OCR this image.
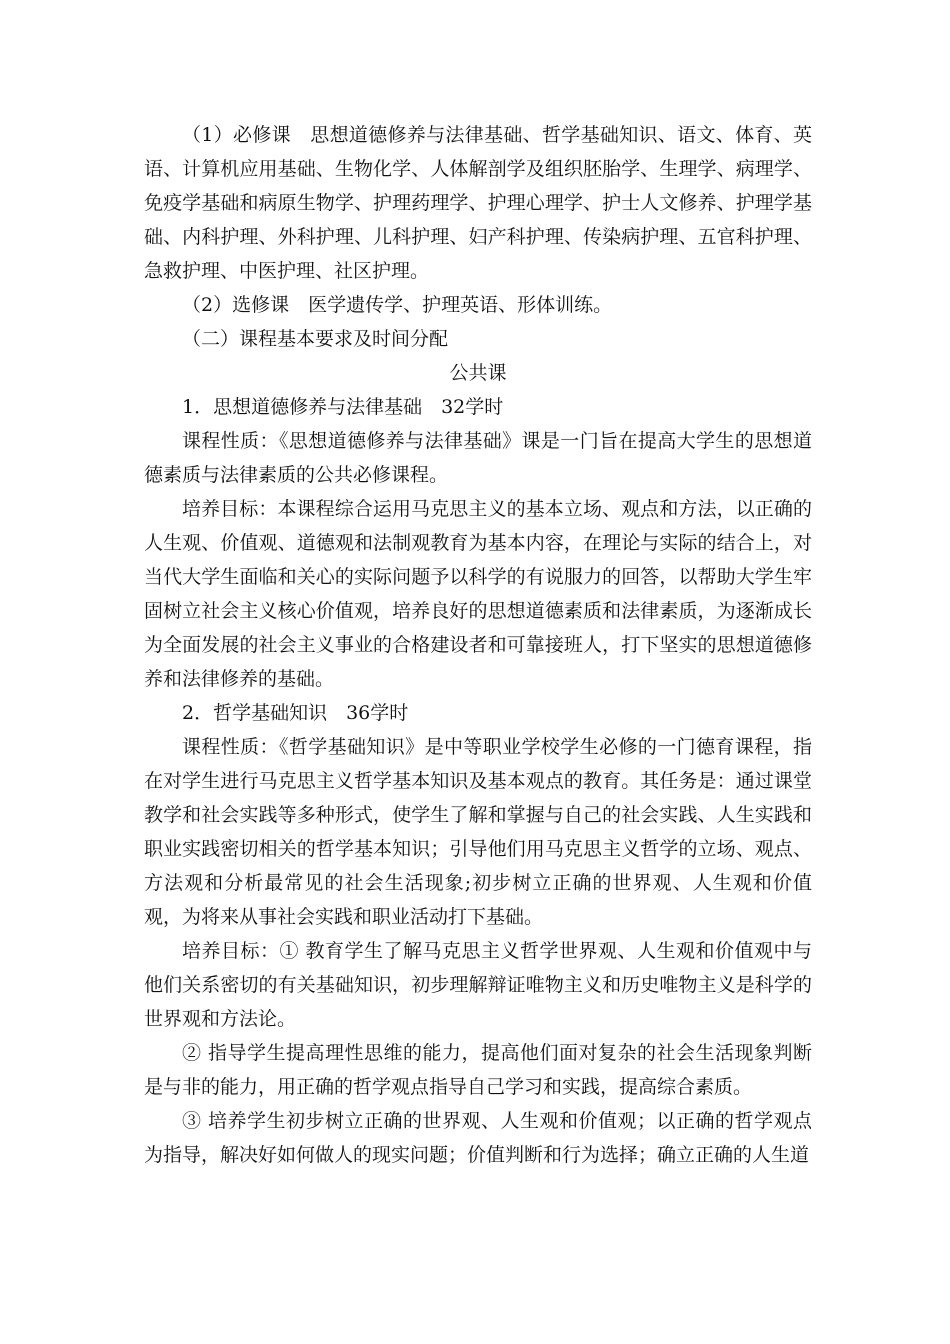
（1）必修课　思想道德修养与法律基础、哲学基础知识、语文、体育、英语、计算机应用基础、生物化学、人体解剖学及组织胚胎学、生理学、病理学、免疫学基础和病原生物学、护理药理学、护理心理学、护士人文修养、护理学基础、内科护理、外科护理、儿科护理、妇产科护理、传染病护理、五官科护理、急救护理、中医护理、社区护理。

（2）选修课　医学遗传学、护理英语、形体训练。

（二）课程基本要求及时间分配

公共课

1．思想道德修养与法律基础　32学时

课程性质：《思想道德修养与法律基础》课是一门旨在提高大学生的思想道德素质与法律素质的公共必修课程。

培养目标：本课程综合运用马克思主义的基本立场、观点和方法，以正确的人生观、价值观、道德观和法制观教育为基本内容，在理论与实际的结合上，对当代大学生面临和关心的实际问题予以科学的有说服力的回答，以帮助大学生牢固树立社会主义核心价值观，培养良好的思想道德素质和法律素质，为逐渐成长为全面发展的社会主义事业的合格建设者和可靠接班人，打下坚实的思想道德修养和法律修养的基础。

2．哲学基础知识　36学时

课程性质：《哲学基础知识》是中等职业学校学生必修的一门德育课程，指在对学生进行马克思主义哲学基本知识及基本观点的教育。其任务是：通过课堂教学和社会实践等多种形式，使学生了解和掌握与自己的社会实践、人生实践和职业实践密切相关的哲学基本知识；引导他们用马克思主义哲学的立场、观点、方法观和分析最常见的社会生活现象;初步树立正确的世界观、人生观和价值观，为将来从事社会实践和职业活动打下基础。

培养目标：① 教育学生了解马克思主义哲学世界观、人生观和价值观中与他们关系密切的有关基础知识，初步理解辩证唯物主义和历史唯物主义是科学的世界观和方法论。

② 指导学生提高理性思维的能力，提高他们面对复杂的社会生活现象判断是与非的能力，用正确的哲学观点指导自己学习和实践，提高综合素质。

③ 培养学生初步树立正确的世界观、人生观和价值观；以正确的哲学观点为指导，解决好如何做人的现实问题；价值判断和行为选择；确立正确的人生道
